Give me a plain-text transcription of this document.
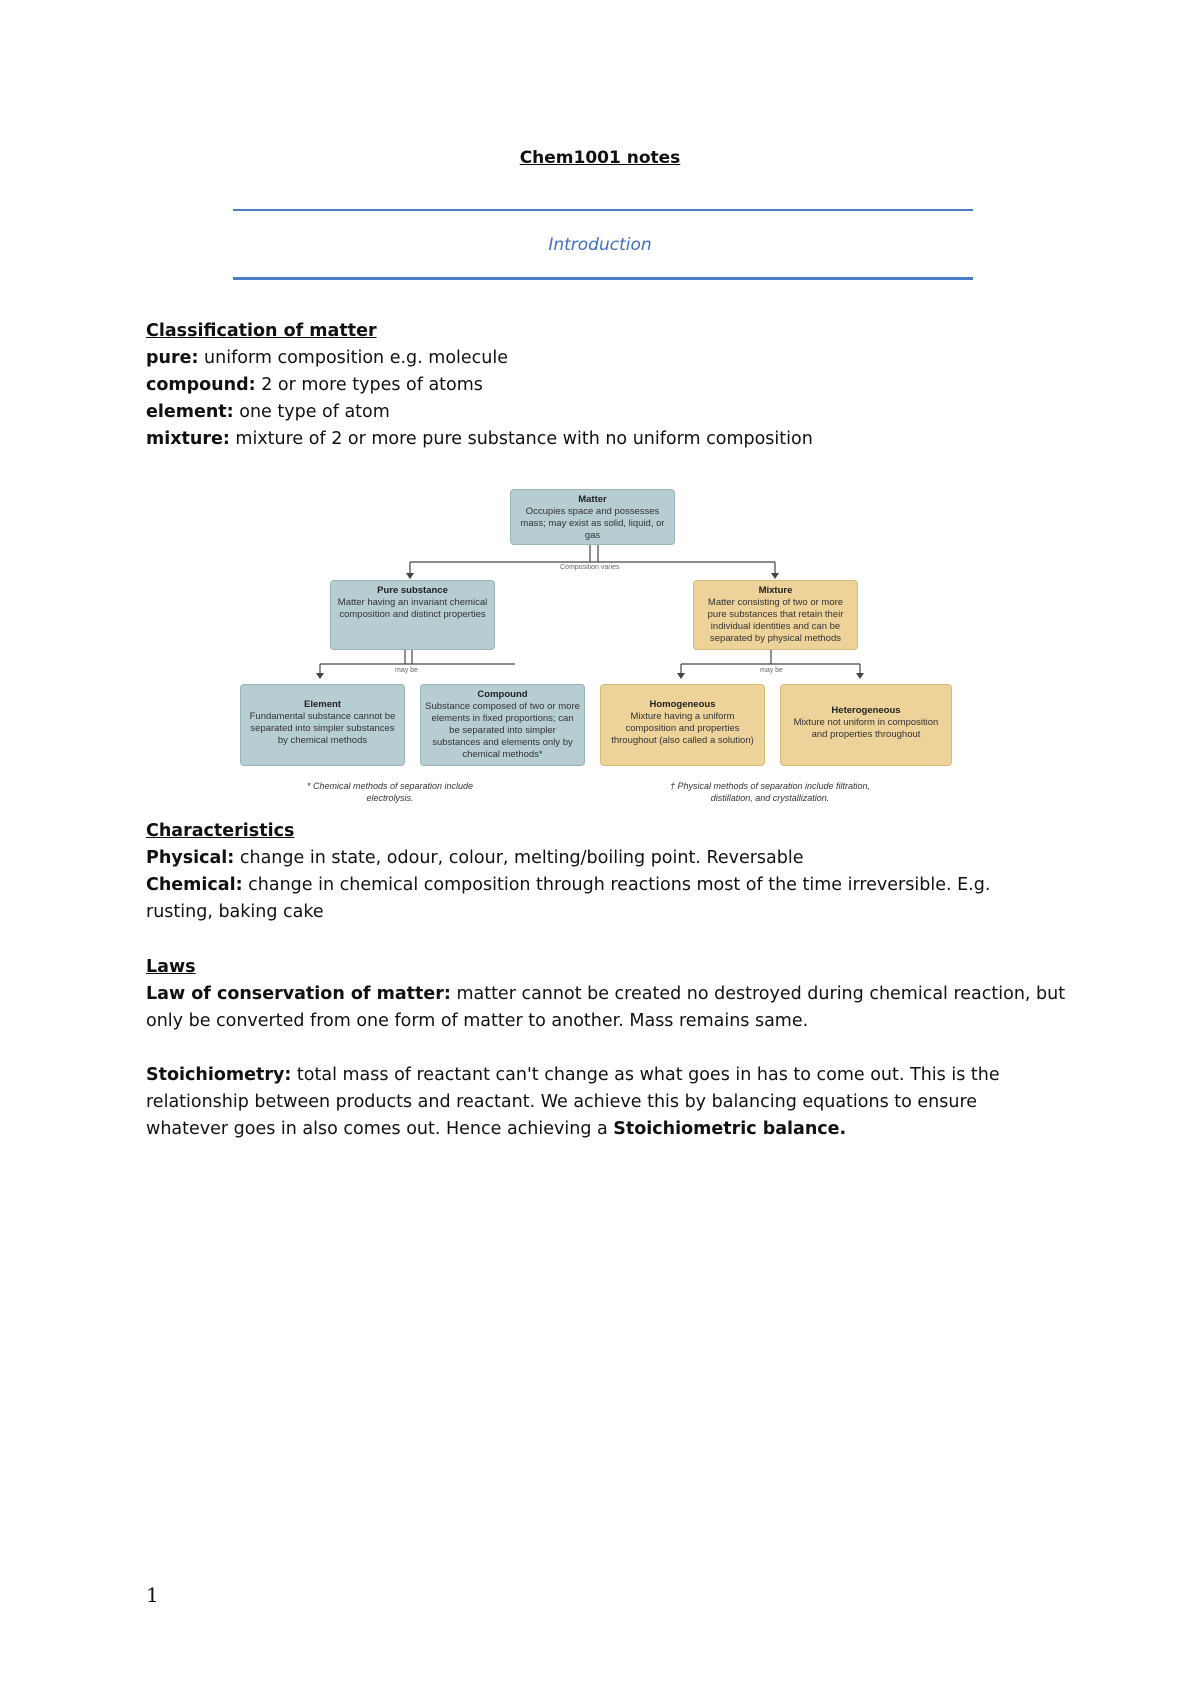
Chem1001 notes
Introduction
Classification of matter
pure: uniform composition e.g. molecule
compound: 2 or more types of atoms
element: one type of atom
mixture: mixture of 2 or more pure substance with no uniform composition
Composition varies
may be	may be
Matter
Occupies space and possesses mass; may exist as solid, liquid, or gas
Pure substance
Matter having an invariant chemical composition and distinct properties
Mixture
Matter consisting of two or more pure substances that retain their individual identities and can be separated by physical methods
Element
Fundamental substance cannot be separated into simpler substances by chemical methods
Compound
Substance composed of two or more elements in fixed proportions; can be separated into simpler substances and elements only by chemical methods*
Homogeneous
Mixture having a uniform composition and properties throughout (also called a solution)
Heterogeneous
Mixture not uniform in composition and properties throughout
* Chemical methods of separation include electrolysis.
† Physical methods of separation include filtration, distillation, and crystallization.
Characteristics
Physical: change in state, odour, colour, melting/boiling point. Reversable
Chemical: change in chemical composition through reactions most of the time irreversible. E.g.
rusting, baking cake
Laws
Law of conservation of matter: matter cannot be created no destroyed during chemical reaction, but
only be converted from one form of matter to another. Mass remains same.
Stoichiometry: total mass of reactant can't change as what goes in has to come out. This is the
relationship between products and reactant. We achieve this by balancing equations to ensure
whatever goes in also comes out. Hence achieving a Stoichiometric balance.
1
